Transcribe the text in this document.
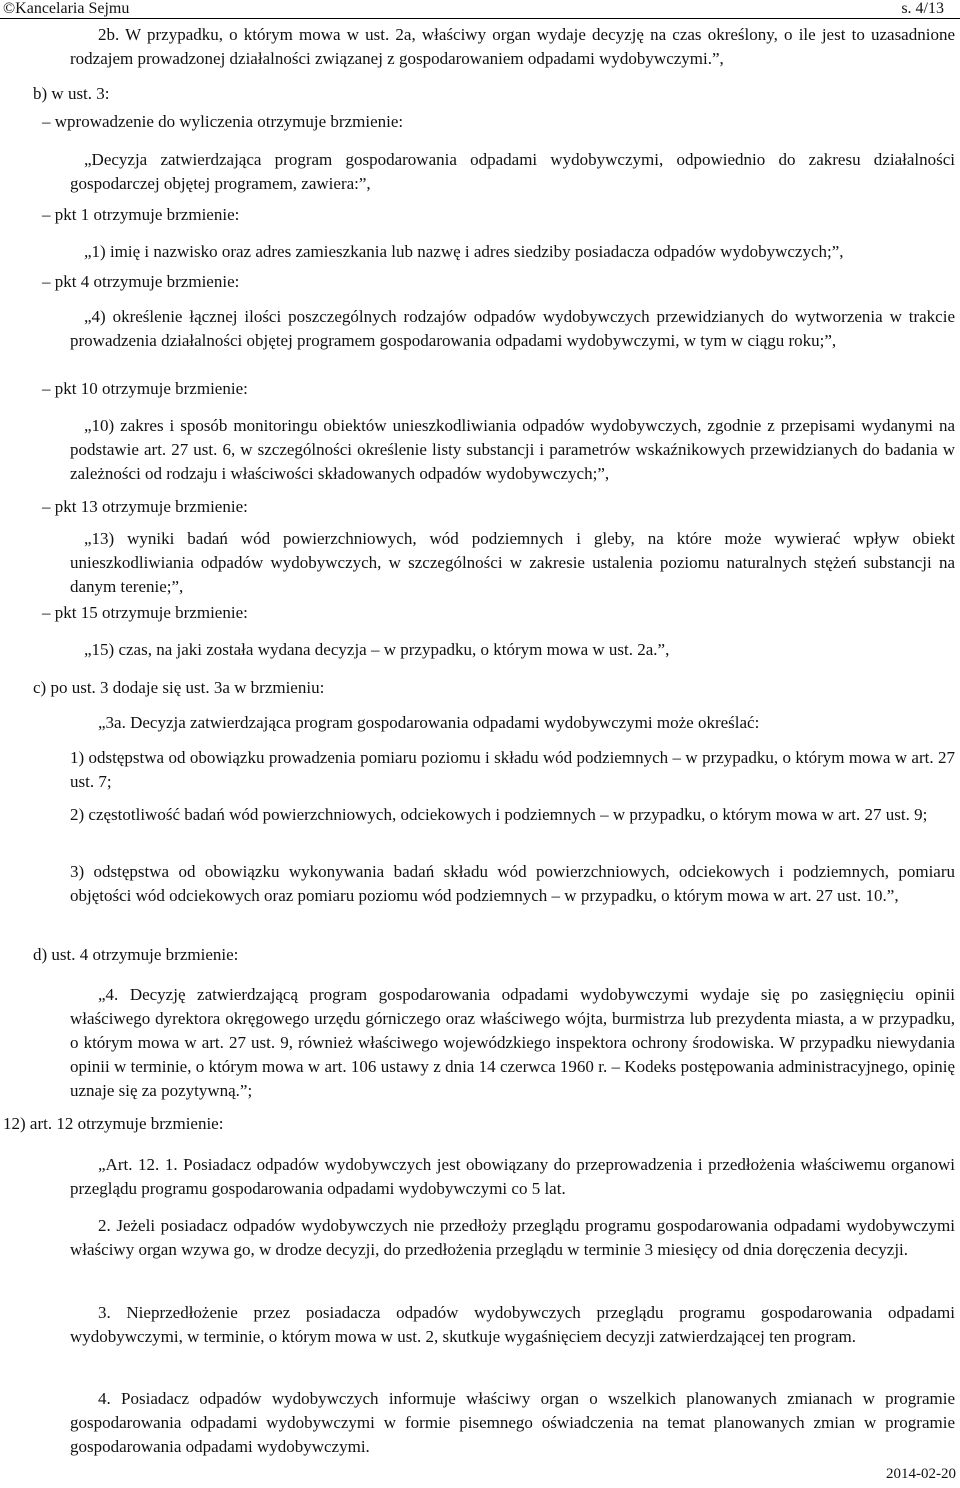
©Kancelaria Sejmu	s. 4/13

2b. W przypadku, o którym mowa w ust. 2a, właściwy organ wydaje decyzję na czas określony, o ile jest to uzasadnione rodzajem prowadzonej działalności związanej z gospodarowaniem odpadami wydobywczymi.”,

b) w ust. 3:

– wprowadzenie do wyliczenia otrzymuje brzmienie:

„Decyzja zatwierdzająca program gospodarowania odpadami wydobywczymi, odpowiednio do zakresu działalności gospodarczej objętej programem, zawiera:”,

– pkt 1 otrzymuje brzmienie:

„1) imię i nazwisko oraz adres zamieszkania lub nazwę i adres siedziby posiadacza odpadów wydobywczych;”,

– pkt 4 otrzymuje brzmienie:

„4) określenie łącznej ilości poszczególnych rodzajów odpadów wydobywczych przewidzianych do wytworzenia w trakcie prowadzenia działalności objętej programem gospodarowania odpadami wydobywczymi, w tym w ciągu roku;”,

– pkt 10 otrzymuje brzmienie:

„10) zakres i sposób monitoringu obiektów unieszkodliwiania odpadów wydobywczych, zgodnie z przepisami wydanymi na podstawie art. 27 ust. 6, w szczególności określenie listy substancji i parametrów wskaźnikowych przewidzianych do badania w zależności od rodzaju i właściwości składowanych odpadów wydobywczych;”,

– pkt 13 otrzymuje brzmienie:

„13) wyniki badań wód powierzchniowych, wód podziemnych i gleby, na które może wywierać wpływ obiekt unieszkodliwiania odpadów wydobywczych, w szczególności w zakresie ustalenia poziomu naturalnych stężeń substancji na danym terenie;”,

– pkt 15 otrzymuje brzmienie:

„15) czas, na jaki została wydana decyzja – w przypadku, o którym mowa w ust. 2a.”,

c) po ust. 3 dodaje się ust. 3a w brzmieniu:

„3a. Decyzja zatwierdzająca program gospodarowania odpadami wydobywczymi może określać:

1) odstępstwa od obowiązku prowadzenia pomiaru poziomu i składu wód podziemnych – w przypadku, o którym mowa w art. 27 ust. 7;

2) częstotliwość badań wód powierzchniowych, odciekowych i podziemnych – w przypadku, o którym mowa w art. 27 ust. 9;

3) odstępstwa od obowiązku wykonywania badań składu wód powierzchniowych, odciekowych i podziemnych, pomiaru objętości wód odciekowych oraz pomiaru poziomu wód podziemnych – w przypadku, o którym mowa w art. 27 ust. 10.”,

d) ust. 4 otrzymuje brzmienie:

„4. Decyzję zatwierdzającą program gospodarowania odpadami wydobywczymi wydaje się po zasięgnięciu opinii właściwego dyrektora okręgowego urzędu górniczego oraz właściwego wójta, burmistrza lub prezydenta miasta, a w przypadku, o którym mowa w art. 27 ust. 9, również właściwego wojewódzkiego inspektora ochrony środowiska. W przypadku niewydania opinii w terminie, o którym mowa w art. 106 ustawy z dnia 14 czerwca 1960 r. – Kodeks postępowania administracyjnego, opinię uznaje się za pozytywną.”;

12) art. 12 otrzymuje brzmienie:

„Art. 12. 1. Posiadacz odpadów wydobywczych jest obowiązany do przeprowadzenia i przedłożenia właściwemu organowi przeglądu programu gospodarowania odpadami wydobywczymi co 5 lat.

2. Jeżeli posiadacz odpadów wydobywczych nie przedłoży przeglądu programu gospodarowania odpadami wydobywczymi właściwy organ wzywa go, w drodze decyzji, do przedłożenia przeglądu w terminie 3 miesięcy od dnia doręczenia decyzji.

3. Nieprzedłożenie przez posiadacza odpadów wydobywczych przeglądu programu gospodarowania odpadami wydobywczymi, w terminie, o którym mowa w ust. 2, skutkuje wygaśnięciem decyzji zatwierdzającej ten program.

4. Posiadacz odpadów wydobywczych informuje właściwy organ o wszelkich planowanych zmianach w programie gospodarowania odpadami wydobywczymi w formie pisemnego oświadczenia na temat planowanych zmian w programie gospodarowania odpadami wydobywczymi.

2014-02-20
